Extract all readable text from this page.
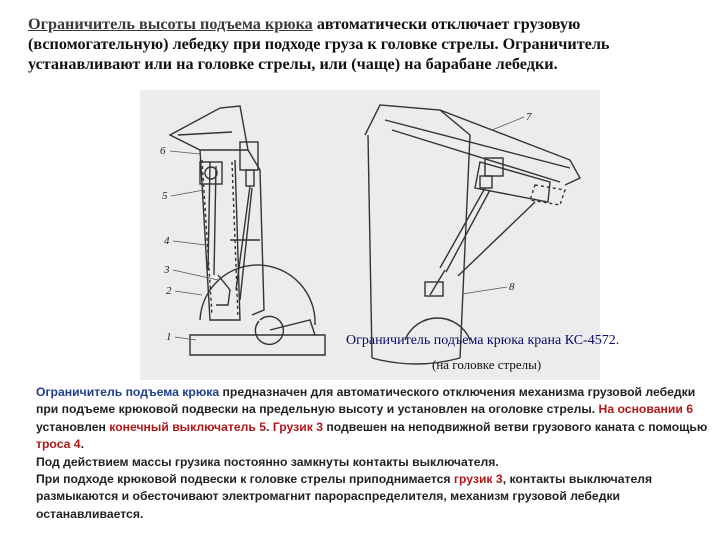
Ограничитель высоты подъема крюка автоматически отключает грузовую (вспомогательную) лебедку при подходе груза к головке стрелы. Ограничитель устанавливают или на головке стрелы, или (чаще) на барабане лебедки.
6
5
4
3
2
1
7
8
Ограничитель подъема крюка крана КС-4572.
(на головке стрелы)

Ограничитель подъема крюка предназначен для автоматического отключения механизма грузовой лебедки при подъеме крюковой подвески на предельную высоту и установлен на оголовке стрелы. На основании 6 установлен конечный выключатель 5. Грузик 3 подвешен на неподвижной ветви грузового каната с помощью троса 4.

Под действием массы грузика постоянно замкнуты контакты выключателя.

При подходе крюковой подвески к головке стрелы приподнимается грузик 3, контакты выключателя размыкаются и обесточивают электромагнит парораспределителя, механизм грузовой лебедки останавливается.
